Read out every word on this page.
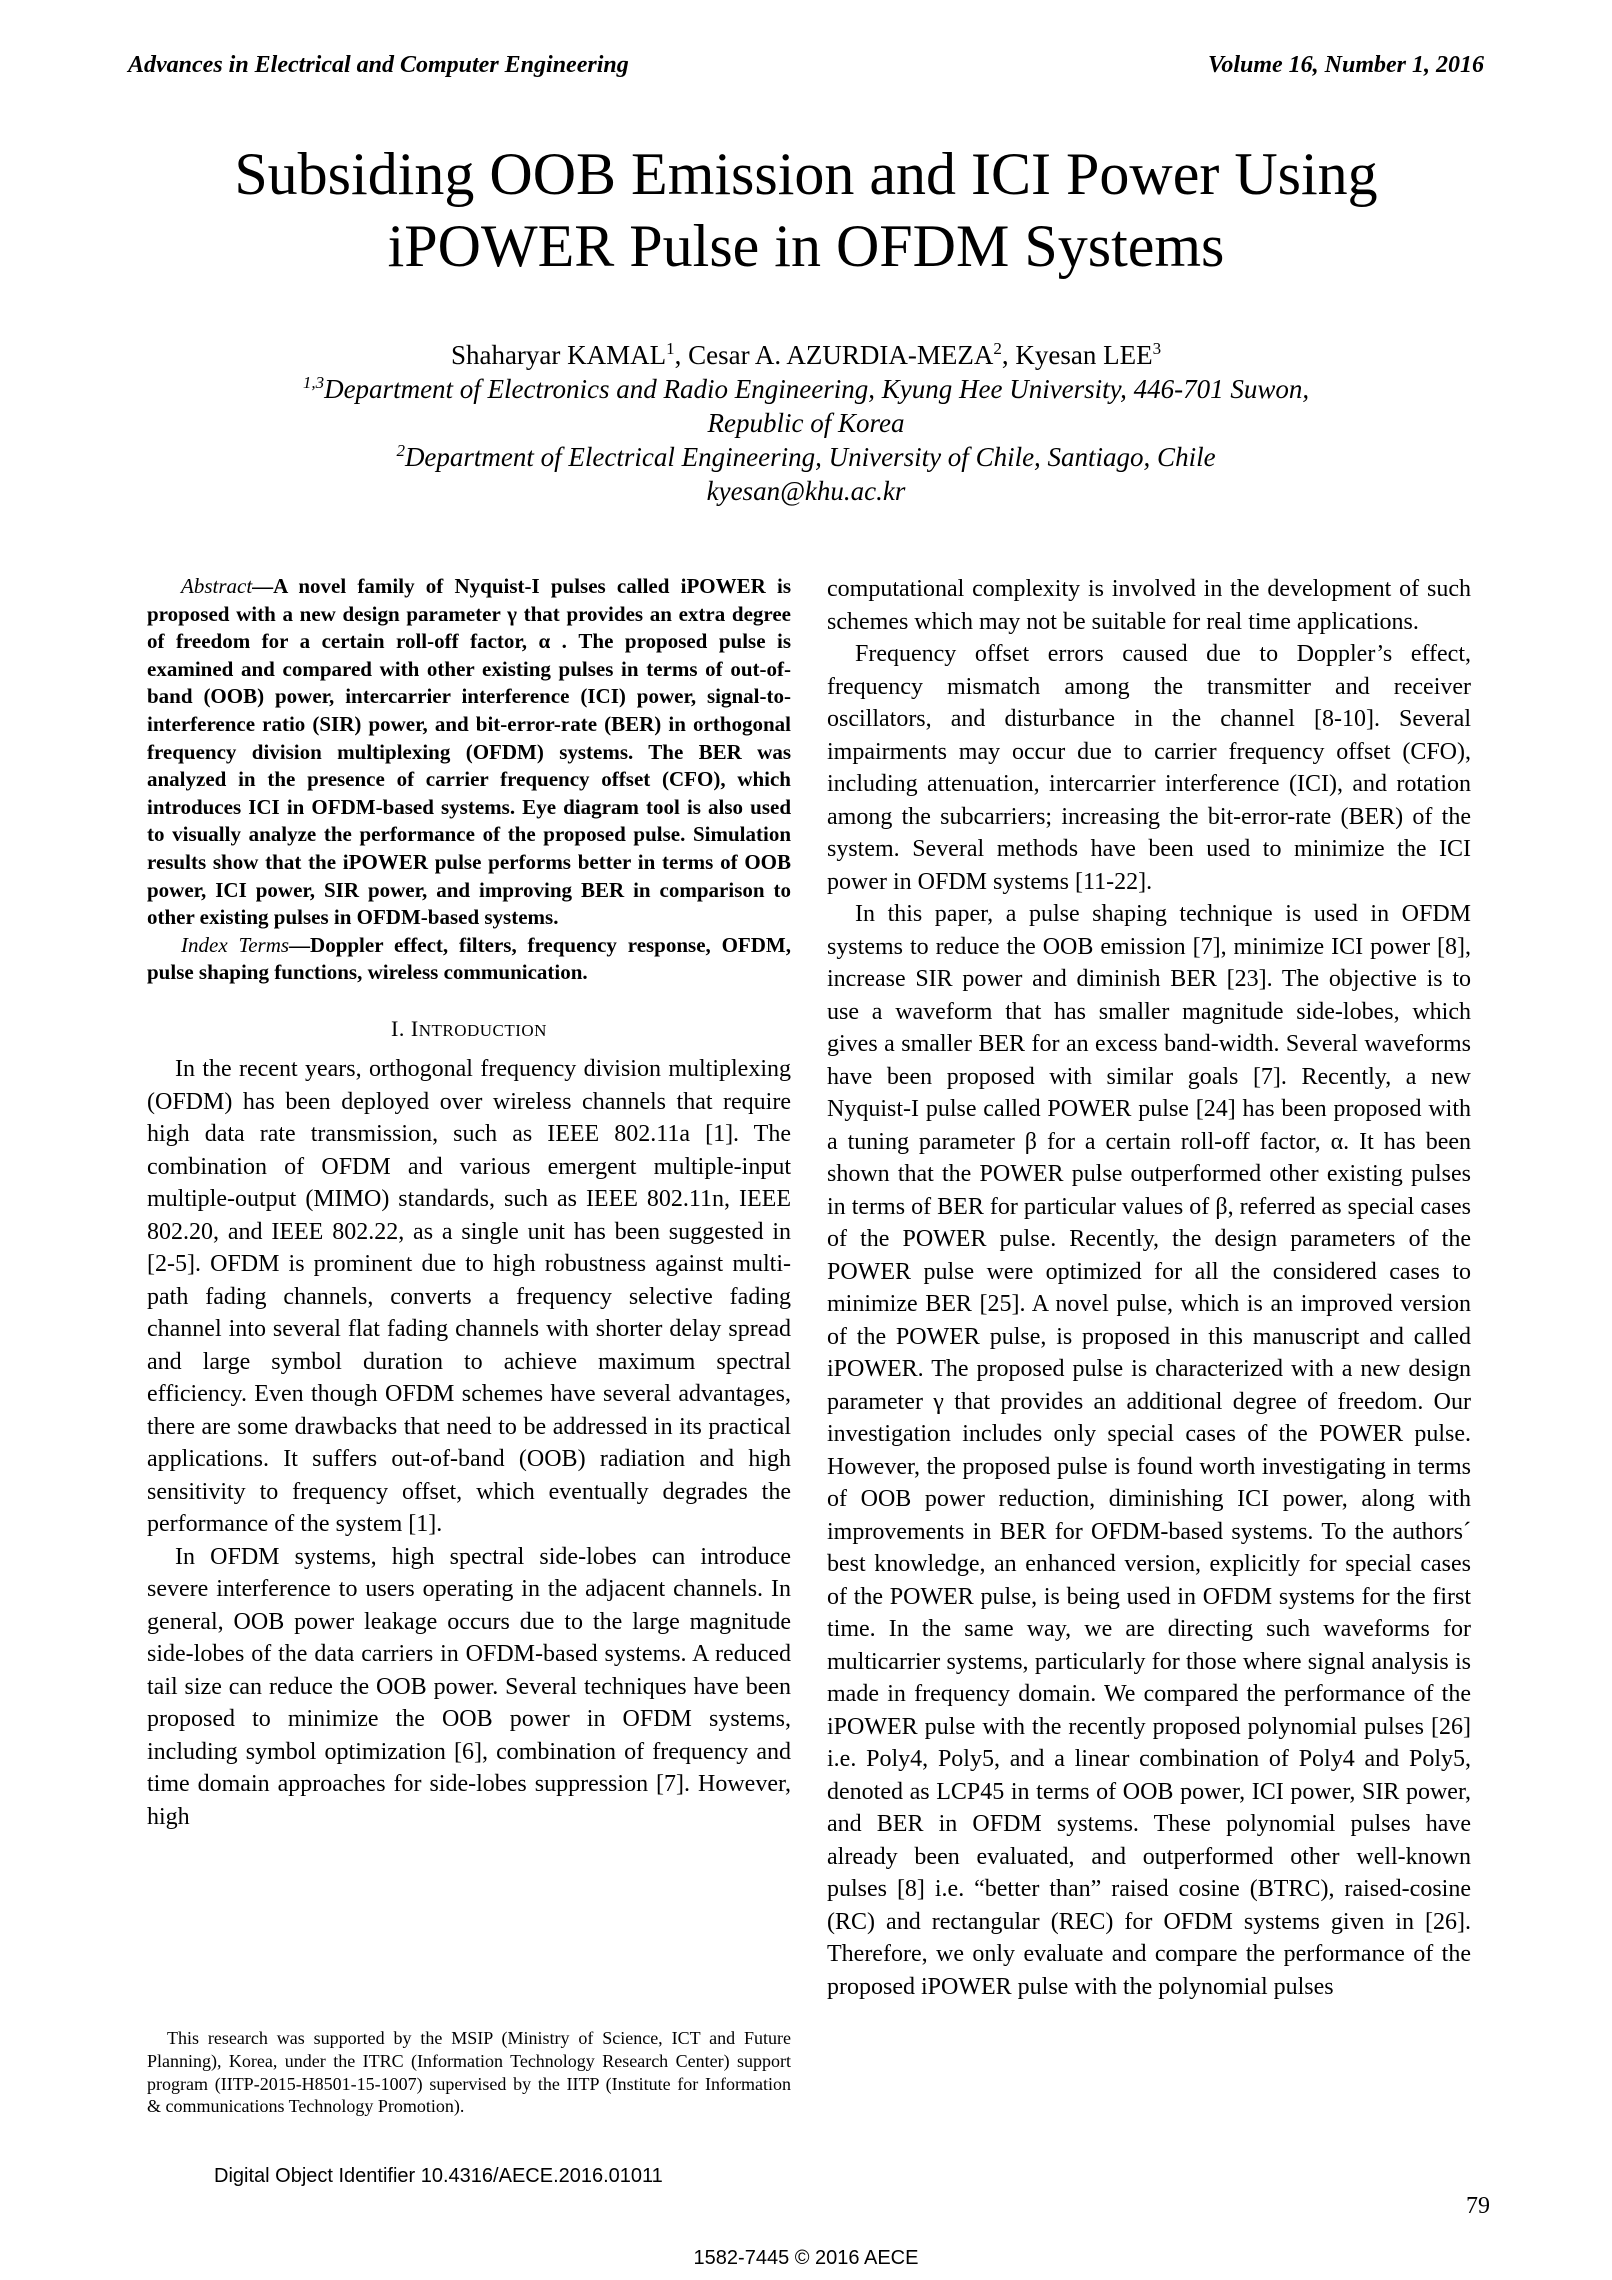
Advances in Electrical and Computer Engineering	Volume 16, Number 1, 2016
Subsiding OOB Emission and ICI Power Using
iPOWER Pulse in OFDM Systems
Shaharyar KAMAL$^1$, Cesar A. AZURDIA-MEZA$^2$, Kyesan LEE$^3$
$^{1,3}$Department of Electronics and Radio Engineering, Kyung Hee University, 446-701 Suwon,
Republic of Korea
$^2$Department of Electrical Engineering, University of Chile, Santiago, Chile
kyesan@khu.ac.kr

Abstract—A novel family of Nyquist-I pulses called iPOWER is proposed with a new design parameter γ that provides an extra degree of freedom for a certain roll-off factor, α . The proposed pulse is examined and compared with other existing pulses in terms of out-of-band (OOB) power, intercarrier interference (ICI) power, signal-to-interference ratio (SIR) power, and bit-error-rate (BER) in orthogonal frequency division multiplexing (OFDM) systems. The BER was analyzed in the presence of carrier frequency offset (CFO), which introduces ICI in OFDM-based systems. Eye diagram tool is also used to visually analyze the performance of the proposed pulse. Simulation results show that the iPOWER pulse performs better in terms of OOB power, ICI power, SIR power, and improving BER in comparison to other existing pulses in OFDM-based systems.

Index Terms—Doppler effect, filters, frequency response, OFDM, pulse shaping functions, wireless communication.

I. INTRODUCTION

In the recent years, orthogonal frequency division multiplexing (OFDM) has been deployed over wireless channels that require high data rate transmission, such as IEEE 802.11a [1]. The combination of OFDM and various emergent multiple-input multiple-output (MIMO) standards, such as IEEE 802.11n, IEEE 802.20, and IEEE 802.22, as a single unit has been suggested in [2-5]. OFDM is prominent due to high robustness against multi-path fading channels, converts a frequency selective fading channel into several flat fading channels with shorter delay spread and large symbol duration to achieve maximum spectral efficiency. Even though OFDM schemes have several advantages, there are some drawbacks that need to be addressed in its practical applications. It suffers out-of-band (OOB) radiation and high sensitivity to frequency offset, which eventually degrades the performance of the system [1].

In OFDM systems, high spectral side-lobes can introduce severe interference to users operating in the adjacent channels. In general, OOB power leakage occurs due to the large magnitude side-lobes of the data carriers in OFDM-based systems. A reduced tail size can reduce the OOB power. Several techniques have been proposed to minimize the OOB power in OFDM systems, including symbol optimization [6], combination of frequency and time domain approaches for side-lobes suppression [7]. However, high

computational complexity is involved in the development of such schemes which may not be suitable for real time applications.

Frequency offset errors caused due to Doppler’s effect, frequency mismatch among the transmitter and receiver oscillators, and disturbance in the channel [8-10]. Several impairments may occur due to carrier frequency offset (CFO), including attenuation, intercarrier interference (ICI), and rotation among the subcarriers; increasing the bit-error-rate (BER) of the system. Several methods have been used to minimize the ICI power in OFDM systems [11-22].

In this paper, a pulse shaping technique is used in OFDM systems to reduce the OOB emission [7], minimize ICI power [8], increase SIR power and diminish BER [23]. The objective is to use a waveform that has smaller magnitude side-lobes, which gives a smaller BER for an excess band-width. Several waveforms have been proposed with similar goals [7]. Recently, a new Nyquist-I pulse called POWER pulse [24] has been proposed with a tuning parameter β for a certain roll-off factor, α. It has been shown that the POWER pulse outperformed other existing pulses in terms of BER for particular values of β, referred as special cases of the POWER pulse. Recently, the design parameters of the POWER pulse were optimized for all the considered cases to minimize BER [25]. A novel pulse, which is an improved version of the POWER pulse, is proposed in this manuscript and called iPOWER. The proposed pulse is characterized with a new design parameter γ that provides an additional degree of freedom. Our investigation includes only special cases of the POWER pulse. However, the proposed pulse is found worth investigating in terms of OOB power reduction, diminishing ICI power, along with improvements in BER for OFDM-based systems. To the authors´ best knowledge, an enhanced version, explicitly for special cases of the POWER pulse, is being used in OFDM systems for the first time. In the same way, we are directing such waveforms for multicarrier systems, particularly for those where signal analysis is made in frequency domain. We compared the performance of the iPOWER pulse with the recently proposed polynomial pulses [26] i.e. Poly4, Poly5, and a linear combination of Poly4 and Poly5, denoted as LCP45 in terms of OOB power, ICI power, SIR power, and BER in OFDM systems. These polynomial pulses have already been evaluated, and outperformed other well-known pulses [8] i.e. “better than” raised cosine (BTRC), raised-cosine (RC) and rectangular (REC) for OFDM systems given in [26]. Therefore, we only evaluate and compare the performance of the proposed iPOWER pulse with the polynomial pulses

This research was supported by the MSIP (Ministry of Science, ICT and Future Planning), Korea, under the ITRC (Information Technology Research Center) support program (IITP-2015-H8501-15-1007) supervised by the IITP (Institute for Information & communications Technology Promotion).
Digital Object Identifier 10.4316/AECE.2016.01011
79
1582-7445 © 2016 AECE
